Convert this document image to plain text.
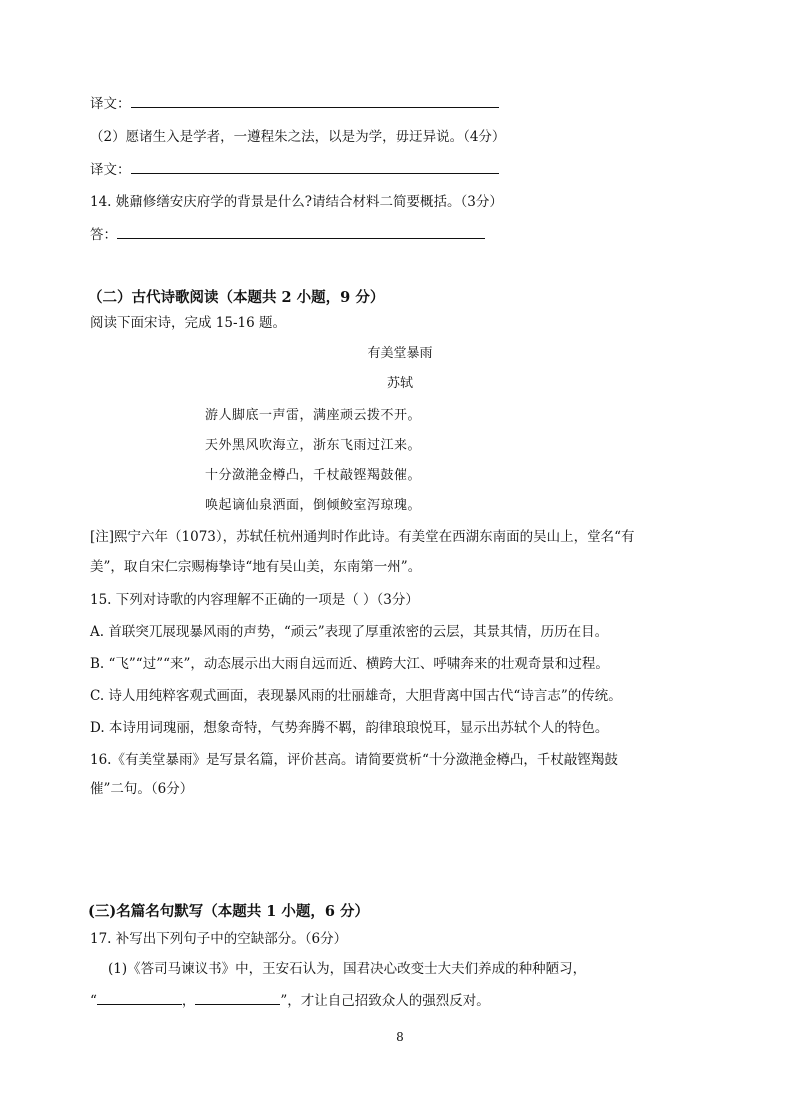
译文：
（2）愿诸生入是学者，一遵程朱之法，以是为学，毋迂异说。（4分）
译文：
14. 姚鼐修缮安庆府学的背景是什么?请结合材料二简要概括。（3分）
答：
（二）古代诗歌阅读（本题共 2 小题，9 分）
阅读下面宋诗，完成 15-16 题。
有美堂暴雨
苏轼
游人脚底一声雷，满座顽云拨不开。
天外黑风吹海立，浙东飞雨过江来。
十分潋滟金樽凸，千杖敲铿羯鼓催。
唤起谪仙泉洒面，倒倾鲛室泻琼瑰。
[注]熙宁六年（1073），苏轼任杭州通判时作此诗。有美堂在西湖东南面的吴山上，堂名“有
美”，取自宋仁宗赐梅挚诗“地有吴山美，东南第一州”。
15. 下列对诗歌的内容理解不正确的一项是（ ）（3分）
A. 首联突兀展现暴风雨的声势，“顽云”表现了厚重浓密的云层，其景其情，历历在目。
B. “飞”“过”“来”，动态展示出大雨自远而近、横跨大江、呼啸奔来的壮观奇景和过程。
C. 诗人用纯粹客观式画面，表现暴风雨的壮丽雄奇，大胆背离中国古代“诗言志”的传统。
D. 本诗用词瑰丽，想象奇特，气势奔腾不羁，韵律琅琅悦耳，显示出苏轼个人的特色。
16.《有美堂暴雨》是写景名篇，评价甚高。请简要赏析“十分潋滟金樽凸，千杖敲铿羯鼓
催”二句。（6分）
(三)名篇名句默写（本题共 1 小题，6 分）
17. 补写出下列句子中的空缺部分。（6分）
(1)《答司马谏议书》中，王安石认为，国君决心改变士大夫们养成的种种陋习，
“	，	”，才让自己招致众人的强烈反对。
8
